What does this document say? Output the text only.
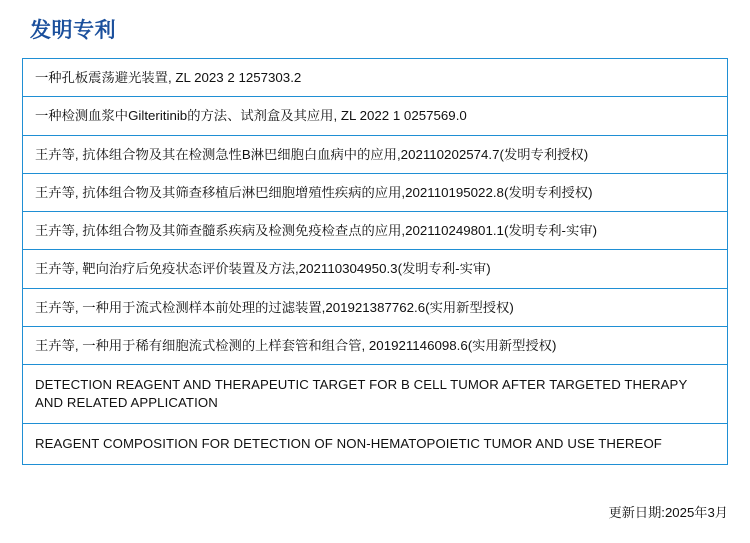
发明专利
一种孔板震荡避光装置, ZL 2023 2 1257303.2
一种检测血浆中Gilteritinib的方法、试剂盒及其应用, ZL 2022 1 0257569.0
王卉等, 抗体组合物及其在检测急性B淋巴细胞白血病中的应用,202110202574.7(发明专利授权)
王卉等, 抗体组合物及其筛查移植后淋巴细胞增殖性疾病的应用,202110195022.8(发明专利授权)
王卉等, 抗体组合物及其筛查髓系疾病及检测免疫检查点的应用,202110249801.1(发明专利-实审)
王卉等, 靶向治疗后免疫状态评价装置及方法,202110304950.3(发明专利-实审)
王卉等, 一种用于流式检测样本前处理的过滤装置,201921387762.6(实用新型授权)
王卉等, 一种用于稀有细胞流式检测的上样套管和组合管, 201921146098.6(实用新型授权)
DETECTION REAGENT AND THERAPEUTIC TARGET FOR B CELL TUMOR AFTER TARGETED THERAPY AND RELATED APPLICATION
REAGENT COMPOSITION FOR DETECTION OF NON-HEMATOPOIETIC TUMOR AND USE THEREOF
更新日期:2025年3月
